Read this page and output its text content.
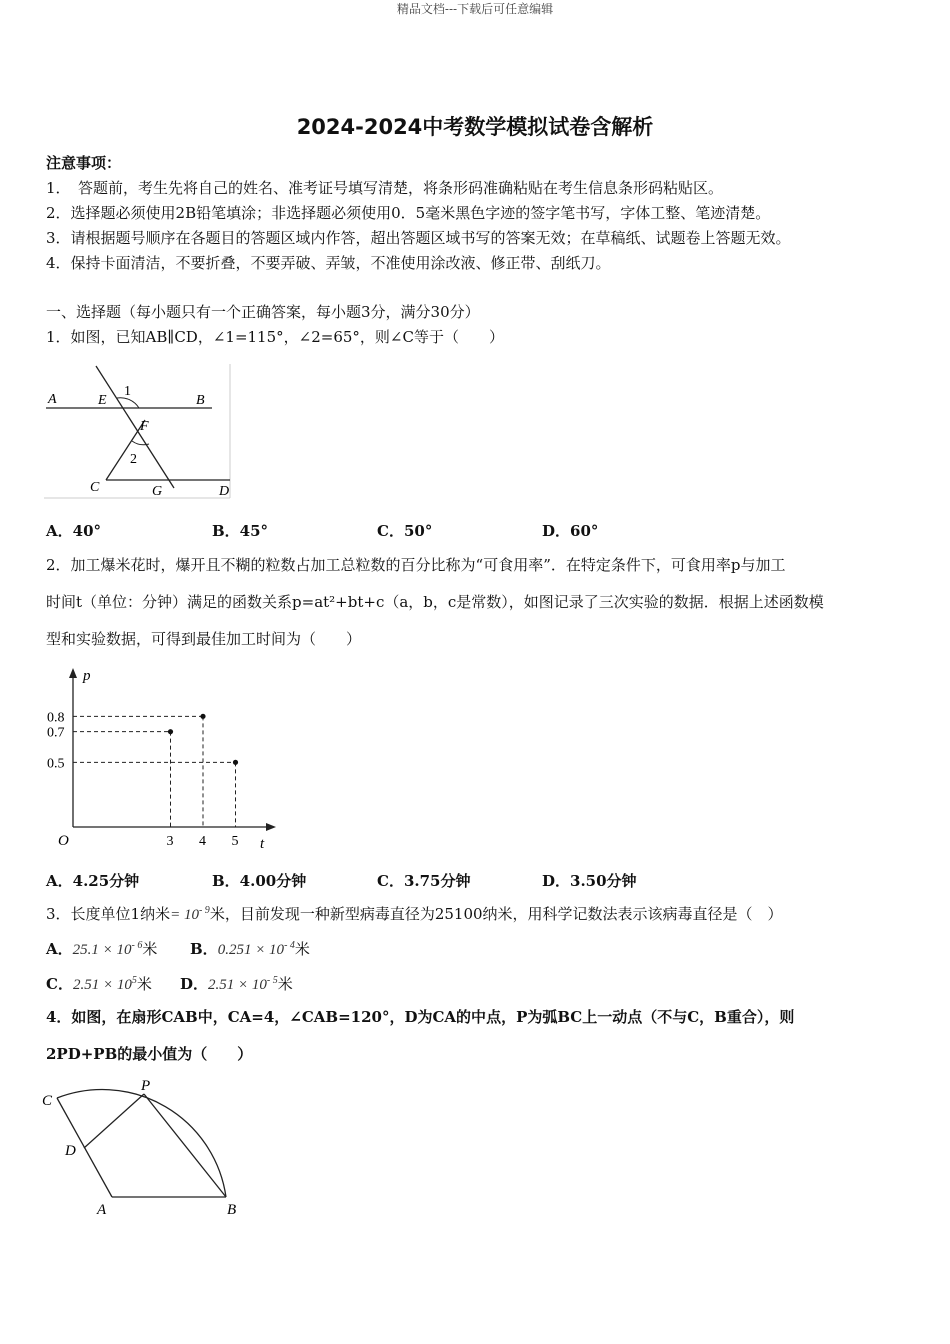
精品文档---下载后可任意编辑
2024-2024中考数学模拟试卷含解析
注意事项：
1．　答题前，考生先将自己的姓名、准考证号填写清楚，将条形码准确粘贴在考生信息条形码粘贴区。
2．选择题必须使用2B铅笔填涂；非选择题必须使用0．5毫米黑色字迹的签字笔书写，字体工整、笔迹清楚。
3．请根据题号顺序在各题目的答题区域内作答，超出答题区域书写的答案无效；在草稿纸、试题卷上答题无效。
4．保持卡面清洁，不要折叠，不要弄破、弄皱，不准使用涂改液、修正带、刮纸刀。
一、选择题（每小题只有一个正确答案，每小题3分，满分30分）
1．如图，已知AB∥CD，∠1=115°，∠2=65°，则∠C等于（　　）
A	E
1
B
F
2
C	G	D
A．40°	B．45°	C．50°	D．60°
2．加工爆米花时，爆开且不糊的粒数占加工总粒数的百分比称为“可食用率”．在特定条件下，可食用率p与加工
时间t（单位：分钟）满足的函数关系p=at²+bt+c（a，b，c是常数），如图记录了三次实验的数据．根据上述函数模
型和实验数据，可得到最佳加工时间为（　　）
p
t
O	3 4 5
0.5
0.7
0.8
A．4.25分钟	B．4.00分钟	C．3.75分钟	D．3.50分钟
3．长度单位1纳米= $10^{- 9}$米，目前发现一种新型病毒直径为25100纳米，用科学记数法表示该病毒直径是（　）
A．$25.1 \times 10^{- 6}$米 B．$0.251 \times 10^{- 4}$米
C．$2.51 \times 10^5$米 D．$2.51 \times 10^{- 5}$米
4．如图，在扇形CAB中，CA=4，∠CAB=120°，D为CA的中点，P为弧BC上一动点（不与C，B重合），则
2PD+PB的最小值为（　　）
C
P
D
A	B
